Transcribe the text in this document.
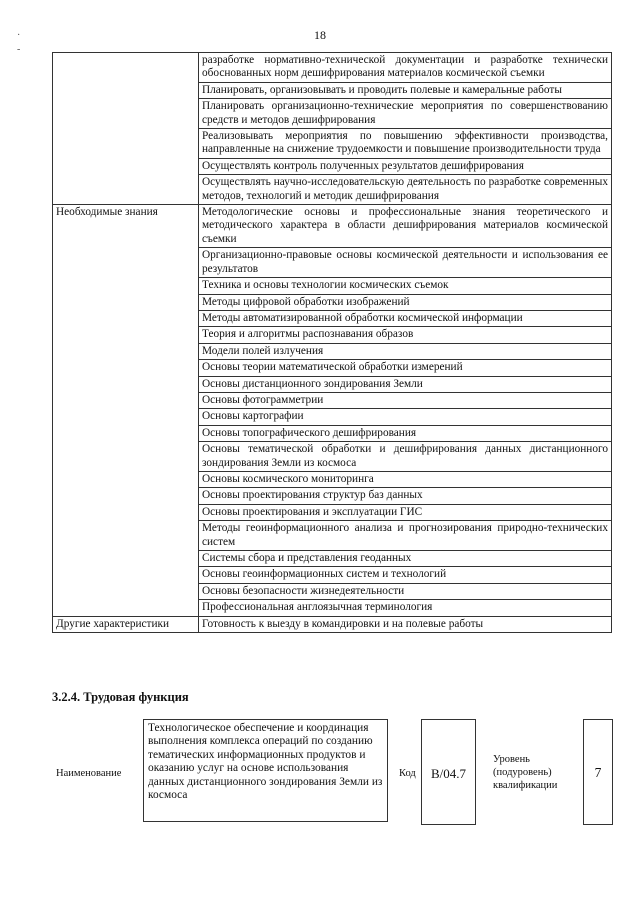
18
·
-
	разработке нормативно-технической документации и разработке технически обоснованных норм дешифрирования материалов космической съемки
	Планировать, организовывать и проводить полевые и камеральные работы
	Планировать организационно-технические мероприятия по совершенствованию средств и методов дешифрирования
	Реализовывать мероприятия по повышению эффективности производства, направленные на снижение трудоемкости и повышение производительности труда
	Осуществлять контроль полученных результатов дешифрирования
	Осуществлять научно-исследовательскую деятельность по разработке современных методов, технологий и методик дешифрирования
Необходимые знания	Методологические основы и профессиональные знания теоретического и методического характера в области дешифрирования материалов космической съемки
	Организационно-правовые основы космической деятельности и использования ее результатов
	Техника и основы технологии космических съемок
	Методы цифровой обработки изображений
	Методы автоматизированной обработки космической информации
	Теория и алгоритмы распознавания образов
	Модели полей излучения
	Основы теории математической обработки измерений
	Основы дистанционного зондирования Земли
	Основы фотограмметрии
	Основы картографии
	Основы топографического дешифрирования
	Основы тематической обработки и дешифрирования данных дистанционного зондирования Земли из космоса
	Основы космического мониторинга
	Основы проектирования структур баз данных
	Основы проектирования и эксплуатации ГИС
	Методы геоинформационного анализа и прогнозирования природно-технических систем
	Системы сбора и представления геоданных
	Основы геоинформационных систем и технологий
	Основы безопасности жизнедеятельности
	Профессиональная англоязычная терминология
Другие характеристики	Готовность к выезду в командировки и на полевые работы
3.2.4. Трудовая функция
Наименование
Технологическое обеспечение и координация выполнения комплекса операций по созданию тематических информационных продуктов и оказанию услуг на основе использования данных дистанционного зондирования Земли из космоса
Код	B/04.7
Уровень (подуровень) квалификации
7
